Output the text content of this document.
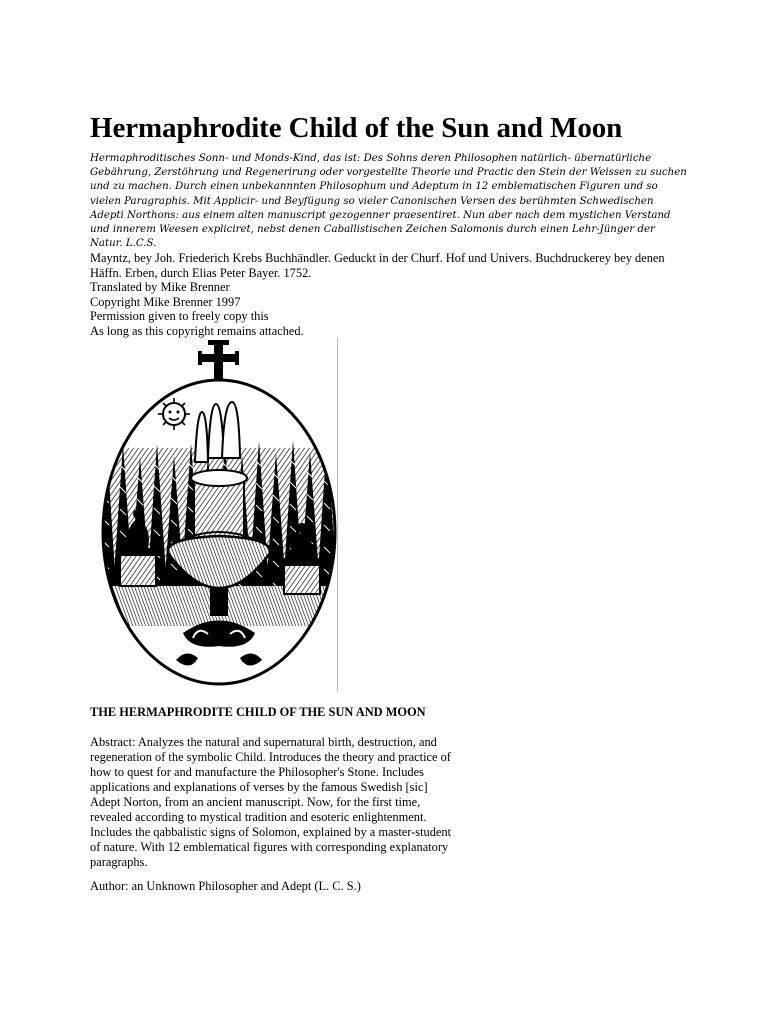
Hermaphrodite Child of the Sun and Moon

Hermaphroditisches Sonn- und Monds-Kind, das ist: Des Sohns deren Philosophen natürlich- übernatürliche Gebährung, Zerstöhrung und Regenerirung oder vorgestellte Theorie und Practic den Stein der Weissen zu suchen und zu machen. Durch einen unbekannnten Philosophum und Adeptum in 12 emblematischen Figuren und so vielen Paragraphis. Mit Applicir- und Beyfügung so vieler Canonischen Versen des berühmten Schwedischen Adepti Northons: aus einem alten manuscript gezogenner praesentiret. Nun aber nach dem mystichen Verstand und innerem Weesen expliciret, nebst denen Caballistischen Zeichen Salomonis durch einen Lehr-Jünger der Natur. L.C.S.

Mayntz, bey Joh. Friederich Krebs Buchhändler. Geduckt in der Churf. Hof und Univers. Buchdruckerey bey denen Häffn. Erben, durch Elias Peter Bayer. 1752.
Translated by Mike Brenner
Copyright Mike Brenner 1997
Permission given to freely copy this
As long as this copyright remains attached.
THE HERMAPHRODITE CHILD OF THE SUN AND MOON

Abstract: Analyzes the natural and supernatural birth, destruction, and regeneration of the symbolic Child. Introduces the theory and practice of how to quest for and manufacture the Philosopher's Stone. Includes applications and explanations of verses by the famous Swedish [sic] Adept Norton, from an ancient manuscript. Now, for the first time, revealed according to mystical tradition and esoteric enlightenment. Includes the qabbalistic signs of Solomon, explained by a master-student of nature. With 12 emblematical figures with corresponding explanatory paragraphs.

Author: an Unknown Philosopher and Adept (L. C. S.)
